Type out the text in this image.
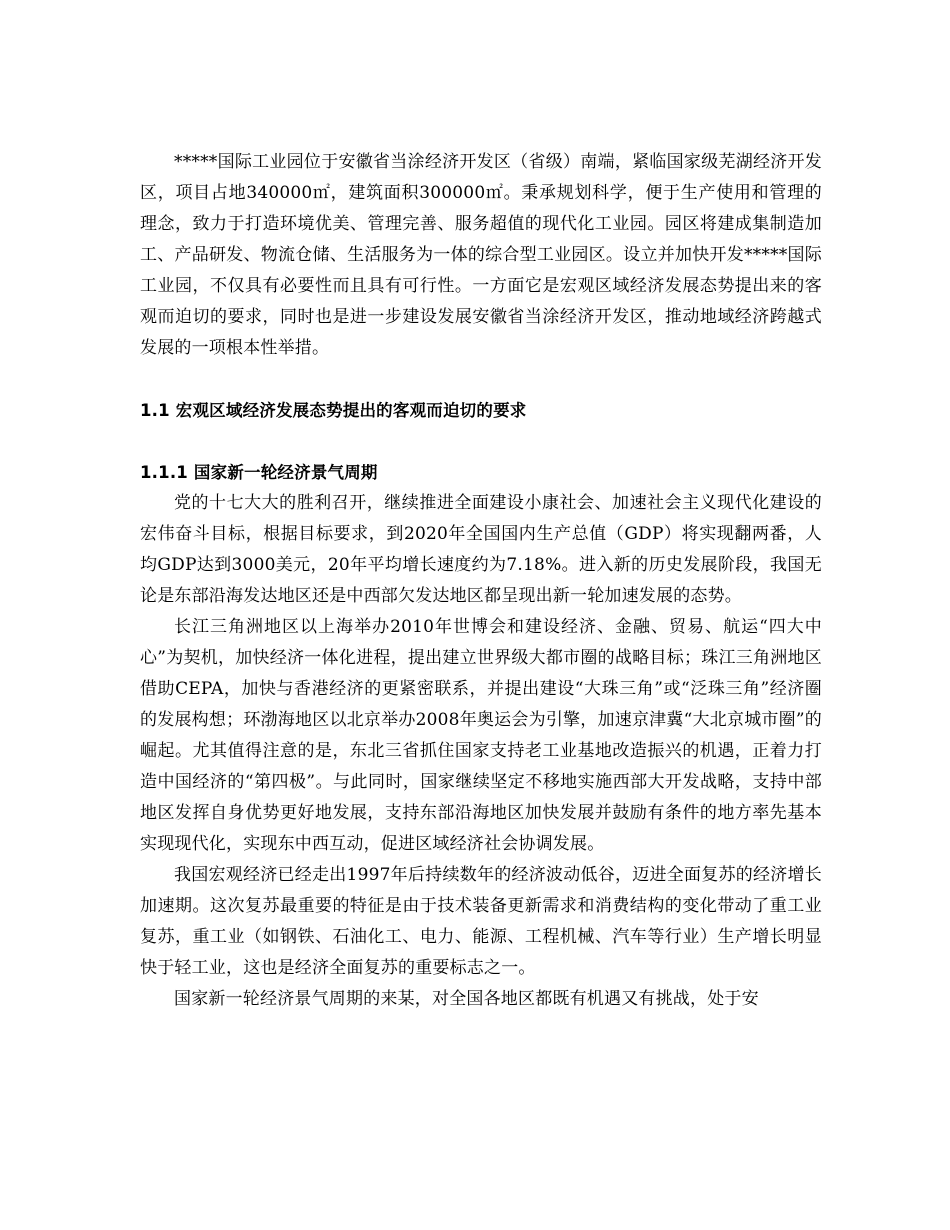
*****国际工业园位于安徽省当涂经济开发区（省级）南端，紧临国家级芜湖经济开发区，项目占地340000㎡，建筑面积300000㎡。秉承规划科学，便于生产使用和管理的理念，致力于打造环境优美、管理完善、服务超值的现代化工业园。园区将建成集制造加工、产品研发、物流仓储、生活服务为一体的综合型工业园区。设立并加快开发*****国际工业园，不仅具有必要性而且具有可行性。一方面它是宏观区域经济发展态势提出来的客观而迫切的要求，同时也是进一步建设发展安徽省当涂经济开发区，推动地域经济跨越式发展的一项根本性举措。

1.1 宏观区域经济发展态势提出的客观而迫切的要求

1.1.1 国家新一轮经济景气周期

党的十七大大的胜利召开，继续推进全面建设小康社会、加速社会主义现代化建设的宏伟奋斗目标，根据目标要求，到2020年全国国内生产总值（GDP）将实现翻两番，人均GDP达到3000美元，20年平均增长速度约为7.18%。进入新的历史发展阶段，我国无论是东部沿海发达地区还是中西部欠发达地区都呈现出新一轮加速发展的态势。

长江三角洲地区以上海举办2010年世博会和建设经济、金融、贸易、航运“四大中心”为契机，加快经济一体化进程，提出建立世界级大都市圈的战略目标；珠江三角洲地区借助CEPA，加快与香港经济的更紧密联系，并提出建设“大珠三角”或“泛珠三角”经济圈的发展构想；环渤海地区以北京举办2008年奥运会为引擎，加速京津冀“大北京城市圈”的崛起。尤其值得注意的是，东北三省抓住国家支持老工业基地改造振兴的机遇，正着力打造中国经济的“第四极”。与此同时，国家继续坚定不移地实施西部大开发战略，支持中部地区发挥自身优势更好地发展，支持东部沿海地区加快发展并鼓励有条件的地方率先基本实现现代化，实现东中西互动，促进区域经济社会协调发展。

我国宏观经济已经走出1997年后持续数年的经济波动低谷，迈进全面复苏的经济增长加速期。这次复苏最重要的特征是由于技术装备更新需求和消费结构的变化带动了重工业复苏，重工业（如钢铁、石油化工、电力、能源、工程机械、汽车等行业）生产增长明显快于轻工业，这也是经济全面复苏的重要标志之一。

国家新一轮经济景气周期的来某，对全国各地区都既有机遇又有挑战，处于安
